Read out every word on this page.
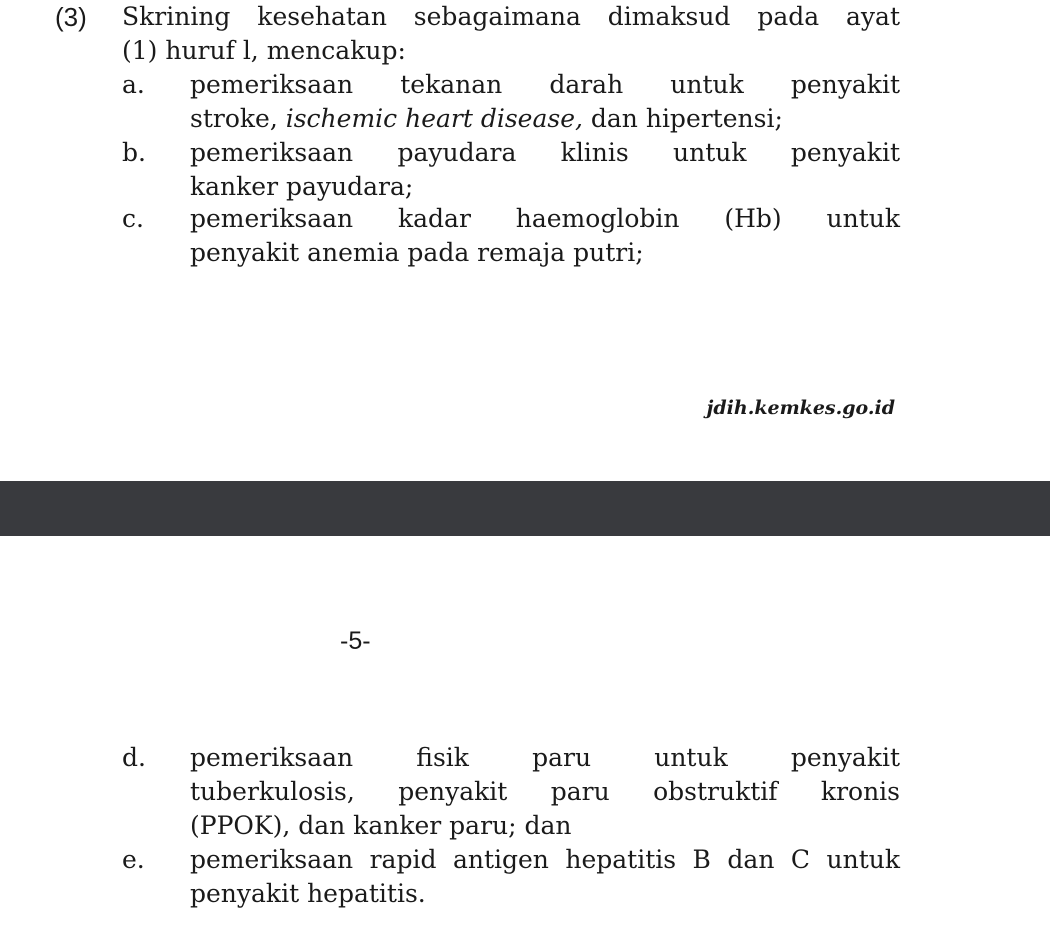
(3) Skrining kesehatan sebagaimana dimaksud pada ayat
(1) huruf l, mencakup:
a. pemeriksaan tekanan darah untuk penyakit
stroke, ischemic heart disease, dan hipertensi;
b. pemeriksaan payudara klinis untuk penyakit
kanker payudara;
c. pemeriksaan kadar haemoglobin (Hb) untuk
penyakit anemia pada remaja putri;
jdih.kemkes.go.id
-5-
d. pemeriksaan fisik paru untuk penyakit
tuberkulosis, penyakit paru obstruktif kronis
(PPOK), dan kanker paru; dan
e. pemeriksaan rapid antigen hepatitis B dan C untuk
penyakit hepatitis.
